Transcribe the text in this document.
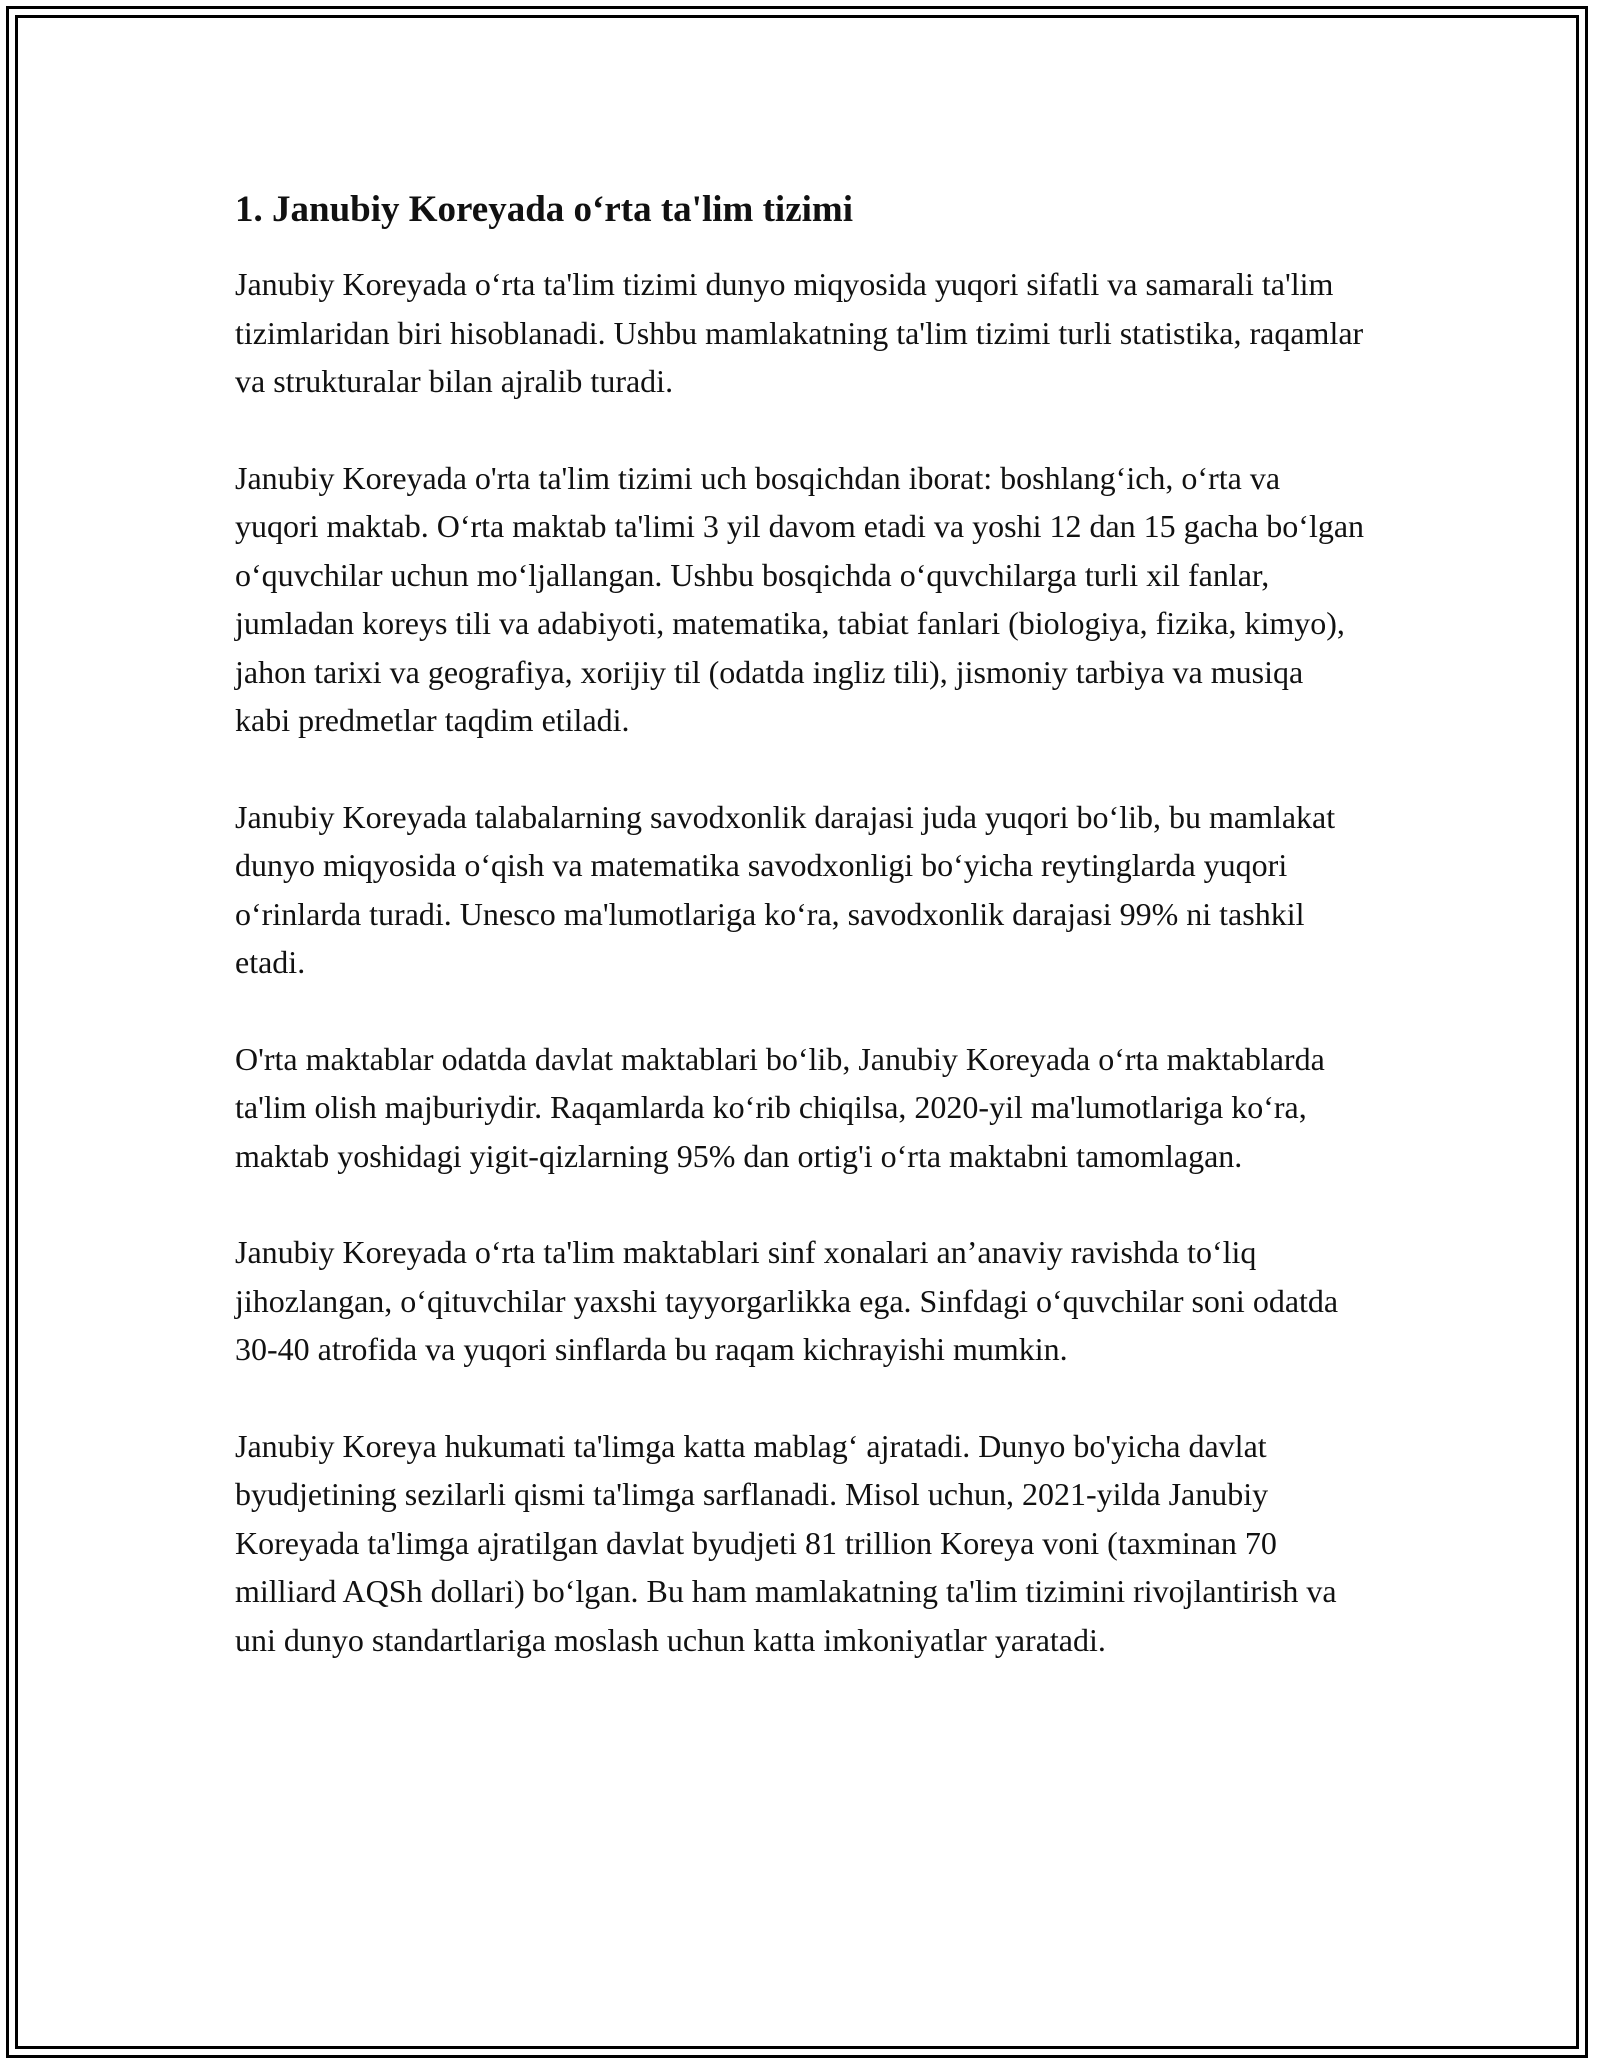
1. Janubiy Koreyada oʻrta ta'lim tizimi

Janubiy Koreyada oʻrta ta'lim tizimi dunyo miqyosida yuqori sifatli va samarali ta'lim tizimlaridan biri hisoblanadi. Ushbu mamlakatning ta'lim tizimi turli statistika, raqamlar va strukturalar bilan ajralib turadi.

Janubiy Koreyada o'rta ta'lim tizimi uch bosqichdan iborat: boshlangʻich, oʻrta va yuqori maktab. Oʻrta maktab ta'limi 3 yil davom etadi va yoshi 12 dan 15 gacha boʻlgan oʻquvchilar uchun moʻljallangan. Ushbu bosqichda oʻquvchilarga turli xil fanlar, jumladan koreys tili va adabiyoti, matematika, tabiat fanlari (biologiya, fizika, kimyo), jahon tarixi va geografiya, xorijiy til (odatda ingliz tili), jismoniy tarbiya va musiqa kabi predmetlar taqdim etiladi.

Janubiy Koreyada talabalarning savodxonlik darajasi juda yuqori boʻlib, bu mamlakat dunyo miqyosida oʻqish va matematika savodxonligi boʻyicha reytinglarda yuqori oʻrinlarda turadi. Unesco ma'lumotlariga koʻra, savodxonlik darajasi 99% ni tashkil etadi.

O'rta maktablar odatda davlat maktablari boʻlib, Janubiy Koreyada oʻrta maktablarda ta'lim olish majburiydir. Raqamlarda koʻrib chiqilsa, 2020-yil ma'lumotlariga koʻra, maktab yoshidagi yigit-qizlarning 95% dan ortig'i oʻrta maktabni tamomlagan.

Janubiy Koreyada oʻrta ta'lim maktablari sinf xonalari an’anaviy ravishda toʻliq jihozlangan, oʻqituvchilar yaxshi tayyorgarlikka ega. Sinfdagi oʻquvchilar soni odatda 30-40 atrofida va yuqori sinflarda bu raqam kichrayishi mumkin.

Janubiy Koreya hukumati ta'limga katta mablagʻ ajratadi. Dunyo bo'yicha davlat byudjetining sezilarli qismi ta'limga sarflanadi. Misol uchun, 2021-yilda Janubiy Koreyada ta'limga ajratilgan davlat byudjeti 81 trillion Koreya voni (taxminan 70 milliard AQSh dollari) boʻlgan. Bu ham mamlakatning ta'lim tizimini rivojlantirish va uni dunyo standartlariga moslash uchun katta imkoniyatlar yaratadi.
